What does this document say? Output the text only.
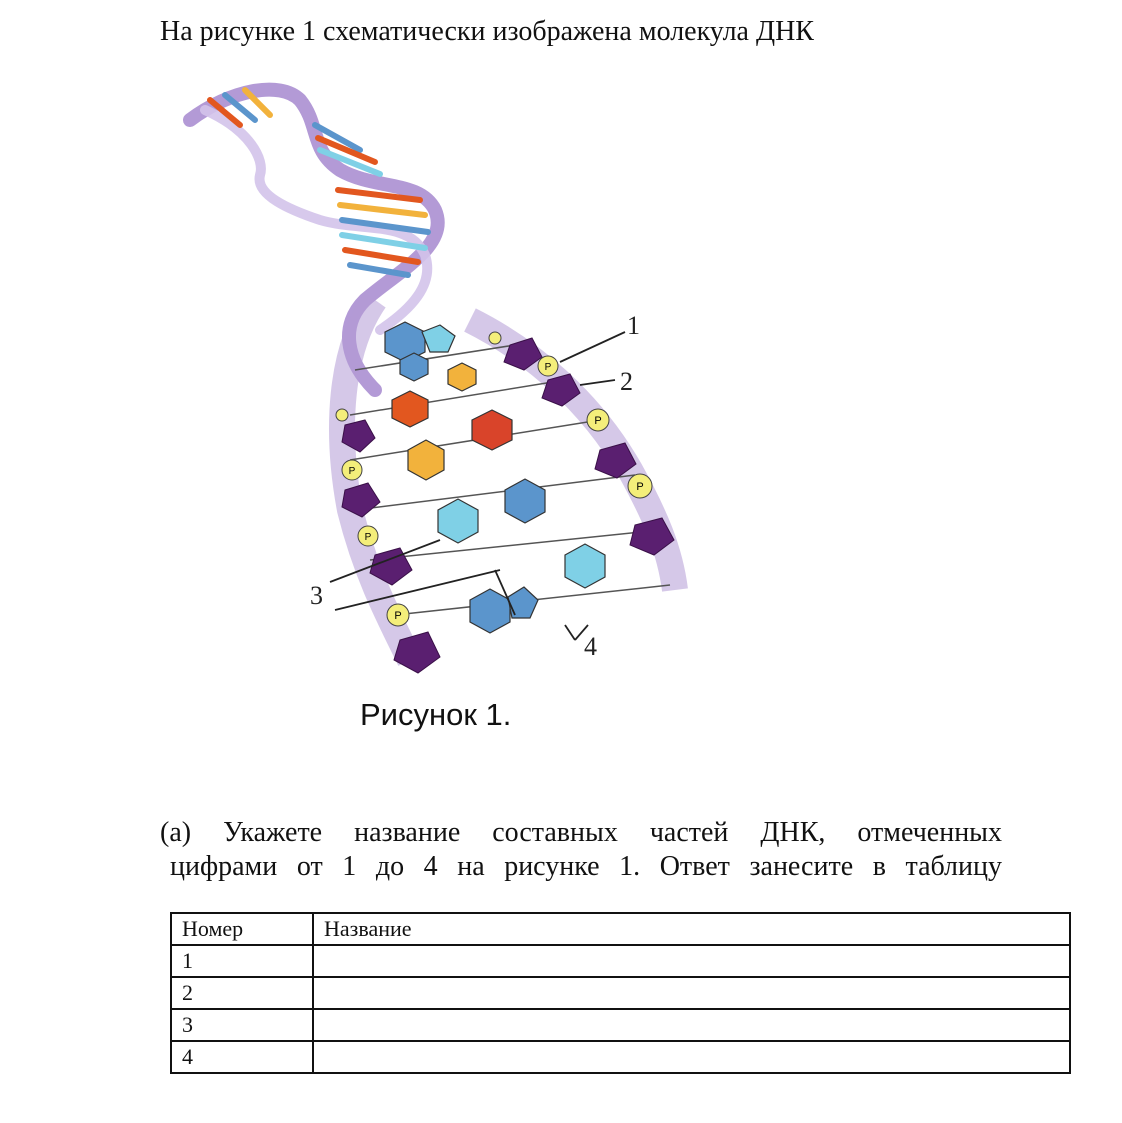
На рисунке 1 схематически изображена молекула ДНК
P
P
P
P
P
P
1
2
3
4
Рисунок 1.
(а) Укажете название составных частей ДНК, отмеченных
цифрами от 1 до 4 на рисунке 1. Ответ занесите в таблицу
Номер	Название
1	
2	
3	
4	
